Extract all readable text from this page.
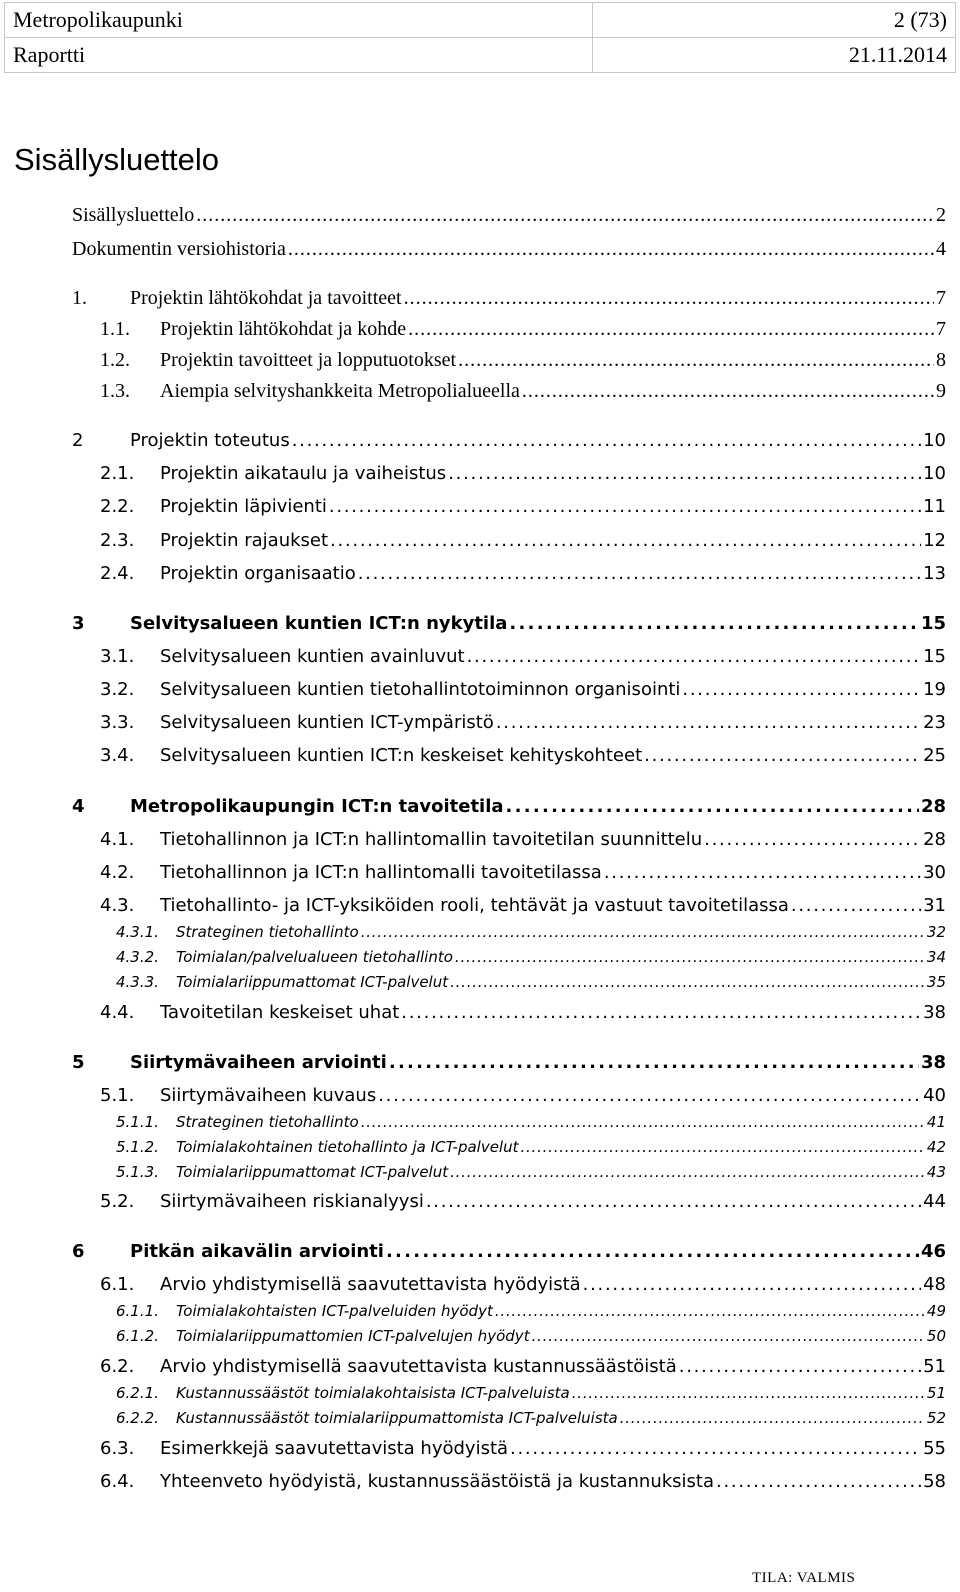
Metropolikaupunki	2 (73)
Raportti	21.11.2014
Sisällysluettelo
Sisällysluettelo . . .	2
Dokumentin versiohistoria . . .	4
1.	Projektin lähtökohdat ja tavoitteet . . .	7
1.1.	Projektin lähtökohdat ja kohde . . .	7
1.2.	Projektin tavoitteet ja lopputuotokset . . .	8
1.3.	Aiempia selvityshankkeita Metropolialueella . . .	9
2	Projektin toteutus . . .	10
2.1.	Projektin aikataulu ja vaiheistus . . .	10
2.2.	Projektin läpivienti . . .	11
2.3.	Projektin rajaukset . . .	12
2.4.	Projektin organisaatio . . .	13
3	Selvitysalueen kuntien ICT:n nykytila . . .	15
3.1.	Selvitysalueen kuntien avainluvut . . .	15
3.2.	Selvitysalueen kuntien tietohallintotoiminnon organisointi . . .	19
3.3.	Selvitysalueen kuntien ICT-ympäristö . . .	23
3.4.	Selvitysalueen kuntien ICT:n keskeiset kehityskohteet . . .	25
4	Metropolikaupungin ICT:n tavoitetila . . .	28
4.1.	Tietohallinnon ja ICT:n hallintomallin tavoitetilan suunnittelu . . .	28
4.2.	Tietohallinnon ja ICT:n hallintomalli tavoitetilassa . . .	30
4.3.	Tietohallinto- ja ICT-yksiköiden rooli, tehtävät ja vastuut tavoitetilassa . . .	31
4.3.1.	Strateginen tietohallinto . . .	32
4.3.2.	Toimialan/palvelualueen tietohallinto . . .	34
4.3.3.	Toimialariippumattomat ICT-palvelut . . .	35
4.4.	Tavoitetilan keskeiset uhat . . .	38
5	Siirtymävaiheen arviointi . . .	38
5.1.	Siirtymävaiheen kuvaus . . .	40
5.1.1.	Strateginen tietohallinto . . .	41
5.1.2.	Toimialakohtainen tietohallinto ja ICT-palvelut . . .	42
5.1.3.	Toimialariippumattomat ICT-palvelut . . .	43
5.2.	Siirtymävaiheen riskianalyysi . . .	44
6	Pitkän aikavälin arviointi . . .	46
6.1.	Arvio yhdistymisellä saavutettavista hyödyistä . . .	48
6.1.1.	Toimialakohtaisten ICT-palveluiden hyödyt . . .	49
6.1.2.	Toimialariippumattomien ICT-palvelujen hyödyt . . .	50
6.2.	Arvio yhdistymisellä saavutettavista kustannussäästöistä . . .	51
6.2.1.	Kustannussäästöt toimialakohtaisista ICT-palveluista . . .	51
6.2.2.	Kustannussäästöt toimialariippumattomista ICT-palveluista . . .	52
6.3.	Esimerkkejä saavutettavista hyödyistä . . .	55
6.4.	Yhteenveto hyödyistä, kustannussäästöistä ja kustannuksista . . .	58
TILA: VALMIS
